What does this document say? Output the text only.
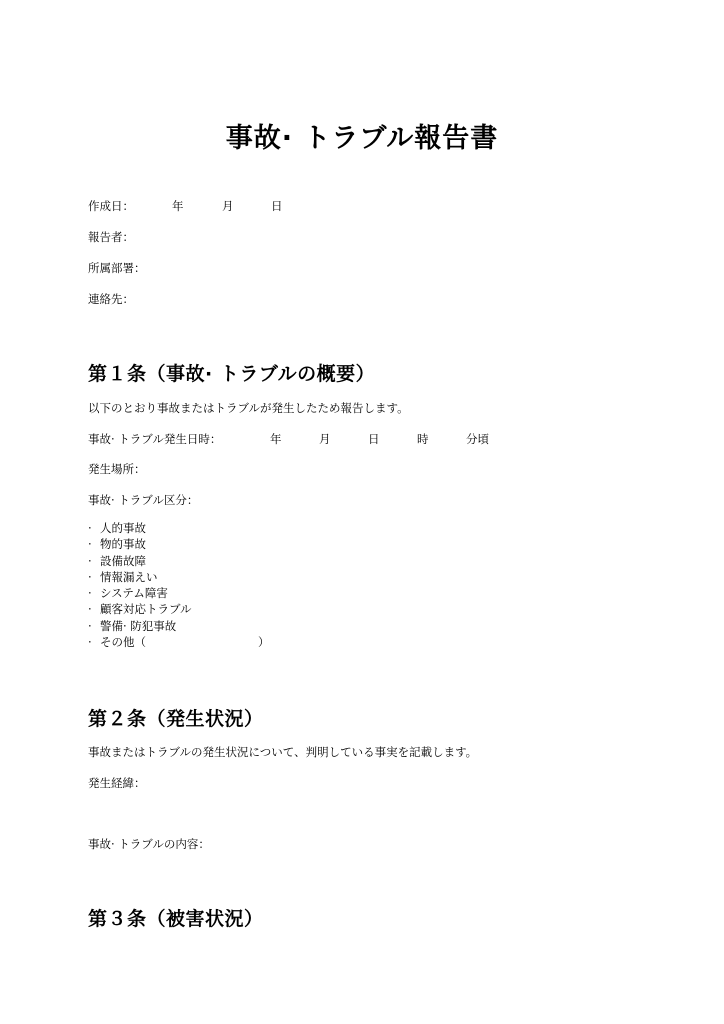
事故· トラブル報告書
作成日：	年	月	日
報告者：
所属部署：
連絡先：
第１条（事故· トラブルの概要）
以下のとおり事故またはトラブルが発生したため報告します。
事故· トラブル発生日時：	年	月	日	時	分頃
発生場所：
事故· トラブル区分：
· 人的事故
· 物的事故
· 設備故障
· 情報漏えい
· システム障害
· 顧客対応トラブル
· 警備· 防犯事故
· その他（	）
第２条（発生状況）
事故またはトラブルの発生状況について、判明している事実を記載します。
発生経緯：
事故· トラブルの内容：
第３条（被害状況）
